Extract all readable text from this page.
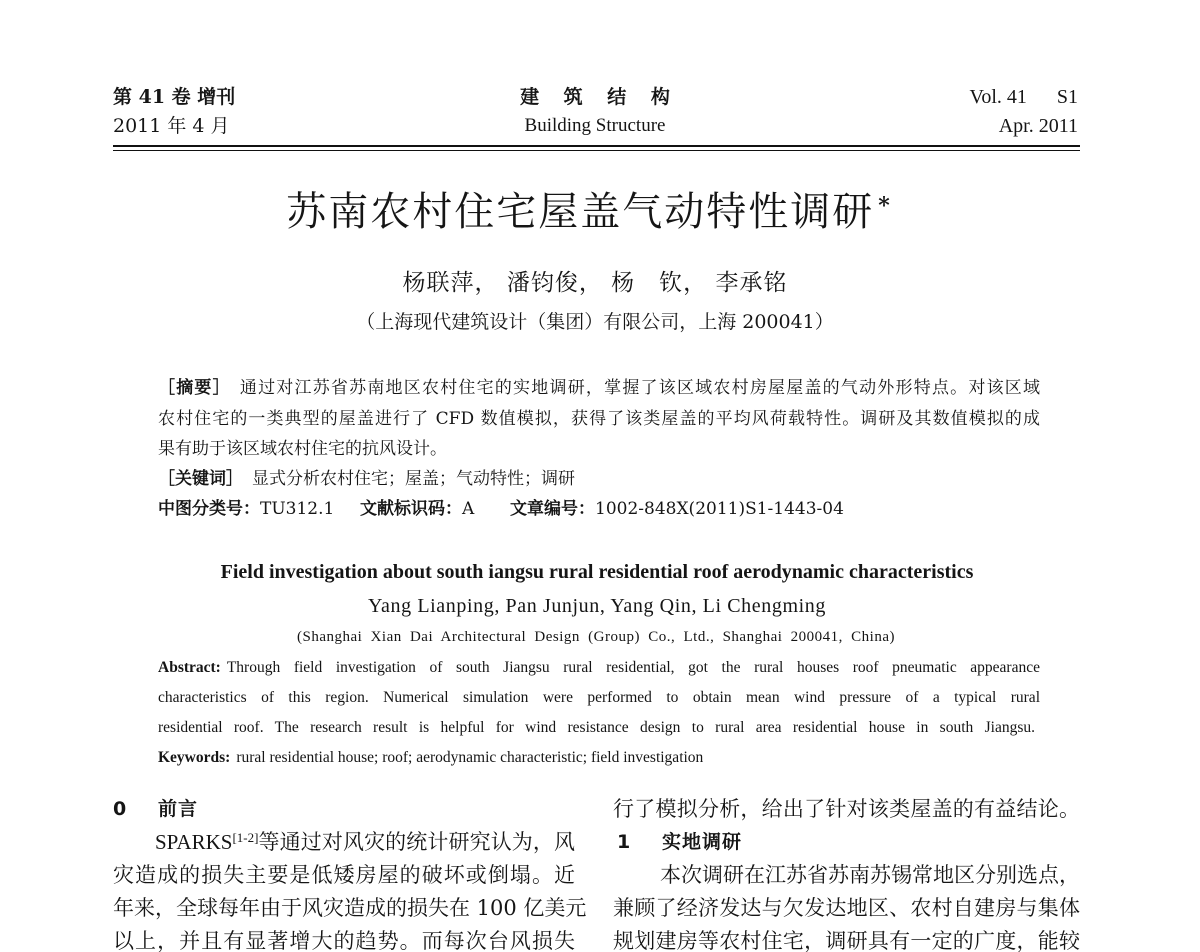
第 41 卷 增刊
2011 年 4 月
建 筑 结 构
Building Structure
Vol. 41 S1
Apr. 2011
苏南农村住宅屋盖气动特性调研 *
杨联萍， 潘钧俊， 杨　钦， 李承铭
（上海现代建筑设计（集团）有限公司，上海 200041）
［摘要］ 通过对江苏省苏南地区农村住宅的实地调研，掌握了该区域农村房屋屋盖的气动外形特点。对该区域
农村住宅的一类典型的屋盖进行了 CFD 数值模拟，获得了该类屋盖的平均风荷载特性。调研及其数值模拟的成
果有助于该区域农村住宅的抗风设计。
［关键词］ 显式分析农村住宅；屋盖；气动特性；调研
中图分类号：TU312.1 文献标识码：A 文章编号：1002-848X(2011)S1-1443-04
Field investigation about south iangsu rural residential roof aerodynamic characteristics
Yang Lianping, Pan Junjun, Yang Qin, Li Chengming
(Shanghai Xian Dai Architectural Design (Group) Co., Ltd., Shanghai 200041, China)
Abstract: Through field investigation of south Jiangsu rural residential, got the rural houses roof pneumatic appearance
characteristics of this region. Numerical simulation were performed to obtain mean wind pressure of a typical rural
residential roof. The research result is helpful for wind resistance design to rural area residential house in south Jiangsu.
Keywords: rural residential house; roof; aerodynamic characteristic; field investigation
0 前言
SPARKS[1-2]等通过对风灾的统计研究认为，风
灾造成的损失主要是低矮房屋的破坏或倒塌。近
年来，全球每年由于风灾造成的损失在 100 亿美元
以上，并且有显著增大的趋势。而每次台风损失
行了模拟分析，给出了针对该类屋盖的有益结论。
1 实地调研
本次调研在江苏省苏南苏锡常地区分别选点，
兼顾了经济发达与欠发达地区、农村自建房与集体
规划建房等农村住宅，调研具有一定的广度，能较
